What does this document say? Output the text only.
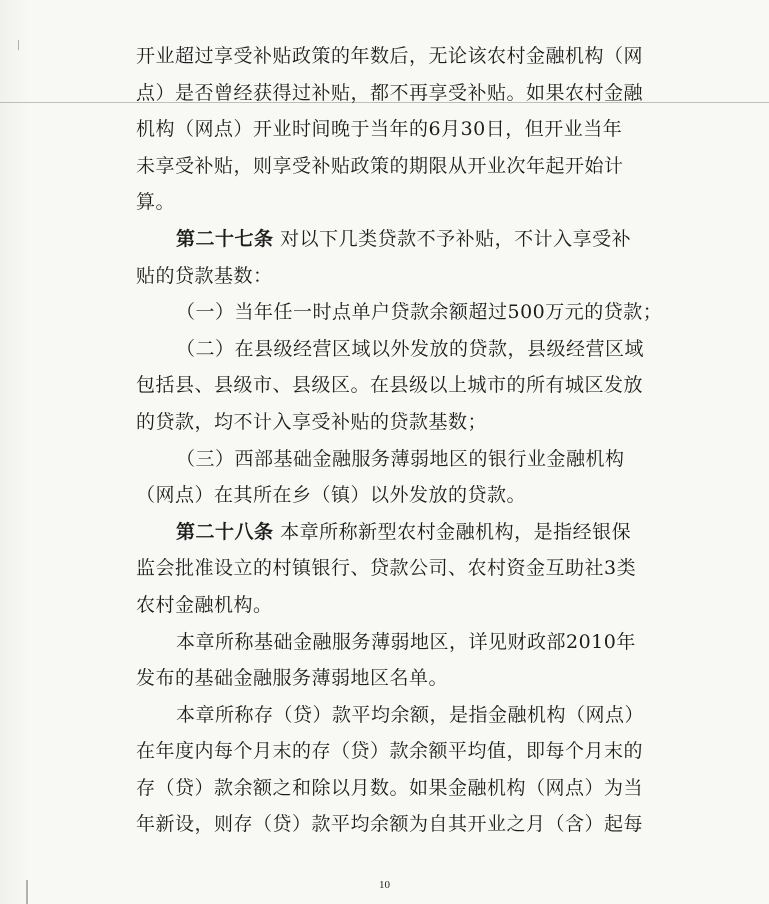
开业超过享受补贴政策的年数后，无论该农村金融机构（网
点）是否曾经获得过补贴，都不再享受补贴。如果农村金融
机构（网点）开业时间晚于当年的6月30日，但开业当年
未享受补贴，则享受补贴政策的期限从开业次年起开始计
算。
第二十七条 对以下几类贷款不予补贴，不计入享受补
贴的贷款基数：
（一）当年任一时点单户贷款余额超过500万元的贷款；
（二）在县级经营区域以外发放的贷款，县级经营区域
包括县、县级市、县级区。在县级以上城市的所有城区发放
的贷款，均不计入享受补贴的贷款基数；
（三）西部基础金融服务薄弱地区的银行业金融机构
（网点）在其所在乡（镇）以外发放的贷款。
第二十八条 本章所称新型农村金融机构，是指经银保
监会批准设立的村镇银行、贷款公司、农村资金互助社3类
农村金融机构。
本章所称基础金融服务薄弱地区，详见财政部2010年
发布的基础金融服务薄弱地区名单。
本章所称存（贷）款平均余额，是指金融机构（网点）
在年度内每个月末的存（贷）款余额平均值，即每个月末的
存（贷）款余额之和除以月数。如果金融机构（网点）为当
年新设，则存（贷）款平均余额为自其开业之月（含）起每
10
